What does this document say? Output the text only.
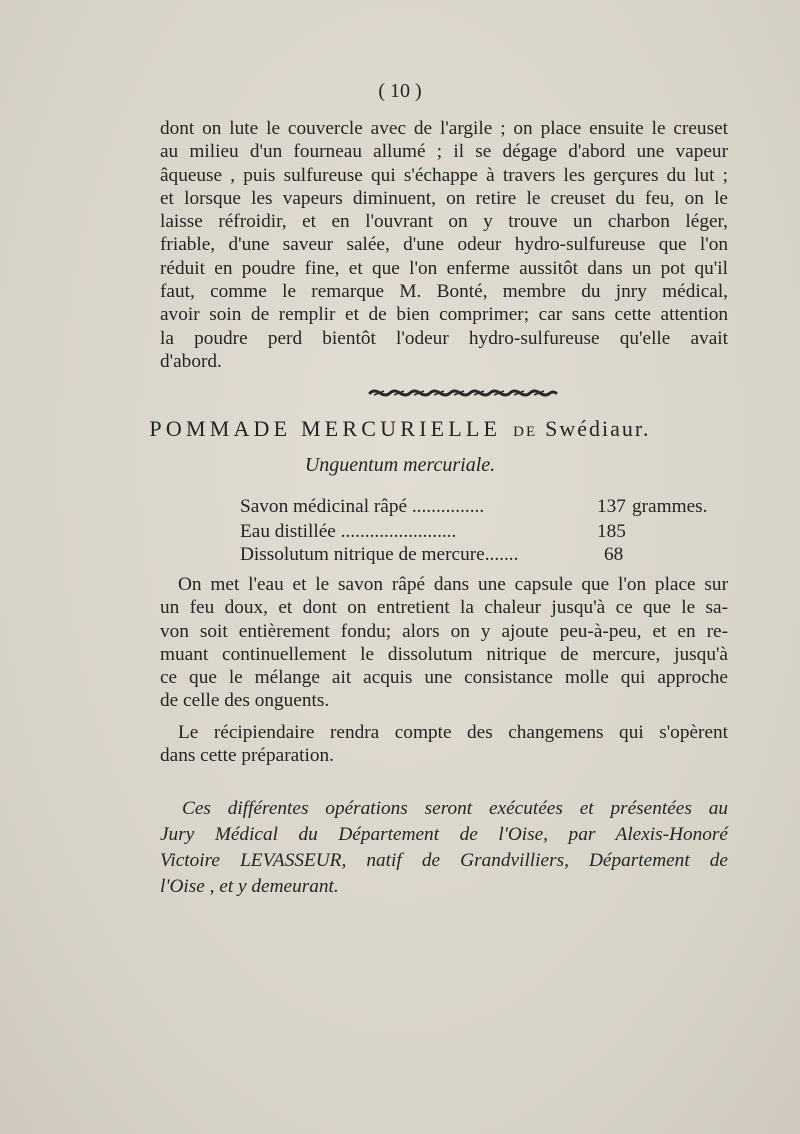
( 10 )
dont on lute le couvercle avec de l'argile ; on place ensuite le creuset
au milieu d'un fourneau allumé ; il se dégage d'abord une vapeur
âqueuse , puis sulfureuse qui s'échappe à travers les gerçures du lut ;
et lorsque les vapeurs diminuent, on retire le creuset du feu, on le
laisse réfroidir, et en l'ouvrant on y trouve un charbon léger,
friable, d'une saveur salée, d'une odeur hydro-sulfureuse que l'on
réduit en poudre fine, et que l'on enferme aussitôt dans un pot qu'il
faut, comme le remarque M. Bonté, membre du jnry médical,
avoir soin de remplir et de bien comprimer; car sans cette attention
la poudre perd bientôt l'odeur hydro-sulfureuse qu'elle avait
d'abord.
POMMADE MERCURIELLE DE Swédiaur.
Unguentum mercuriale.
Savon médicinal râpé ...............	137 grammes.
Eau distillée ........................	185
Dissolutum nitrique de mercure.......	68
On met l'eau et le savon râpé dans une capsule que l'on place sur
un feu doux, et dont on entretient la chaleur jusqu'à ce que le sa-
von soit entièrement fondu; alors on y ajoute peu-à-peu, et en re-
muant continuellement le dissolutum nitrique de mercure, jusqu'à
ce que le mélange ait acquis une consistance molle qui approche
de celle des onguents.
Le récipiendaire rendra compte des changemens qui s'opèrent
dans cette préparation.
Ces différentes opérations seront exécutées et présentées au
Jury Médical du Département de l'Oise, par Alexis-Honoré
Victoire LEVASSEUR, natif de Grandvilliers, Département de
l'Oise , et y demeurant.
